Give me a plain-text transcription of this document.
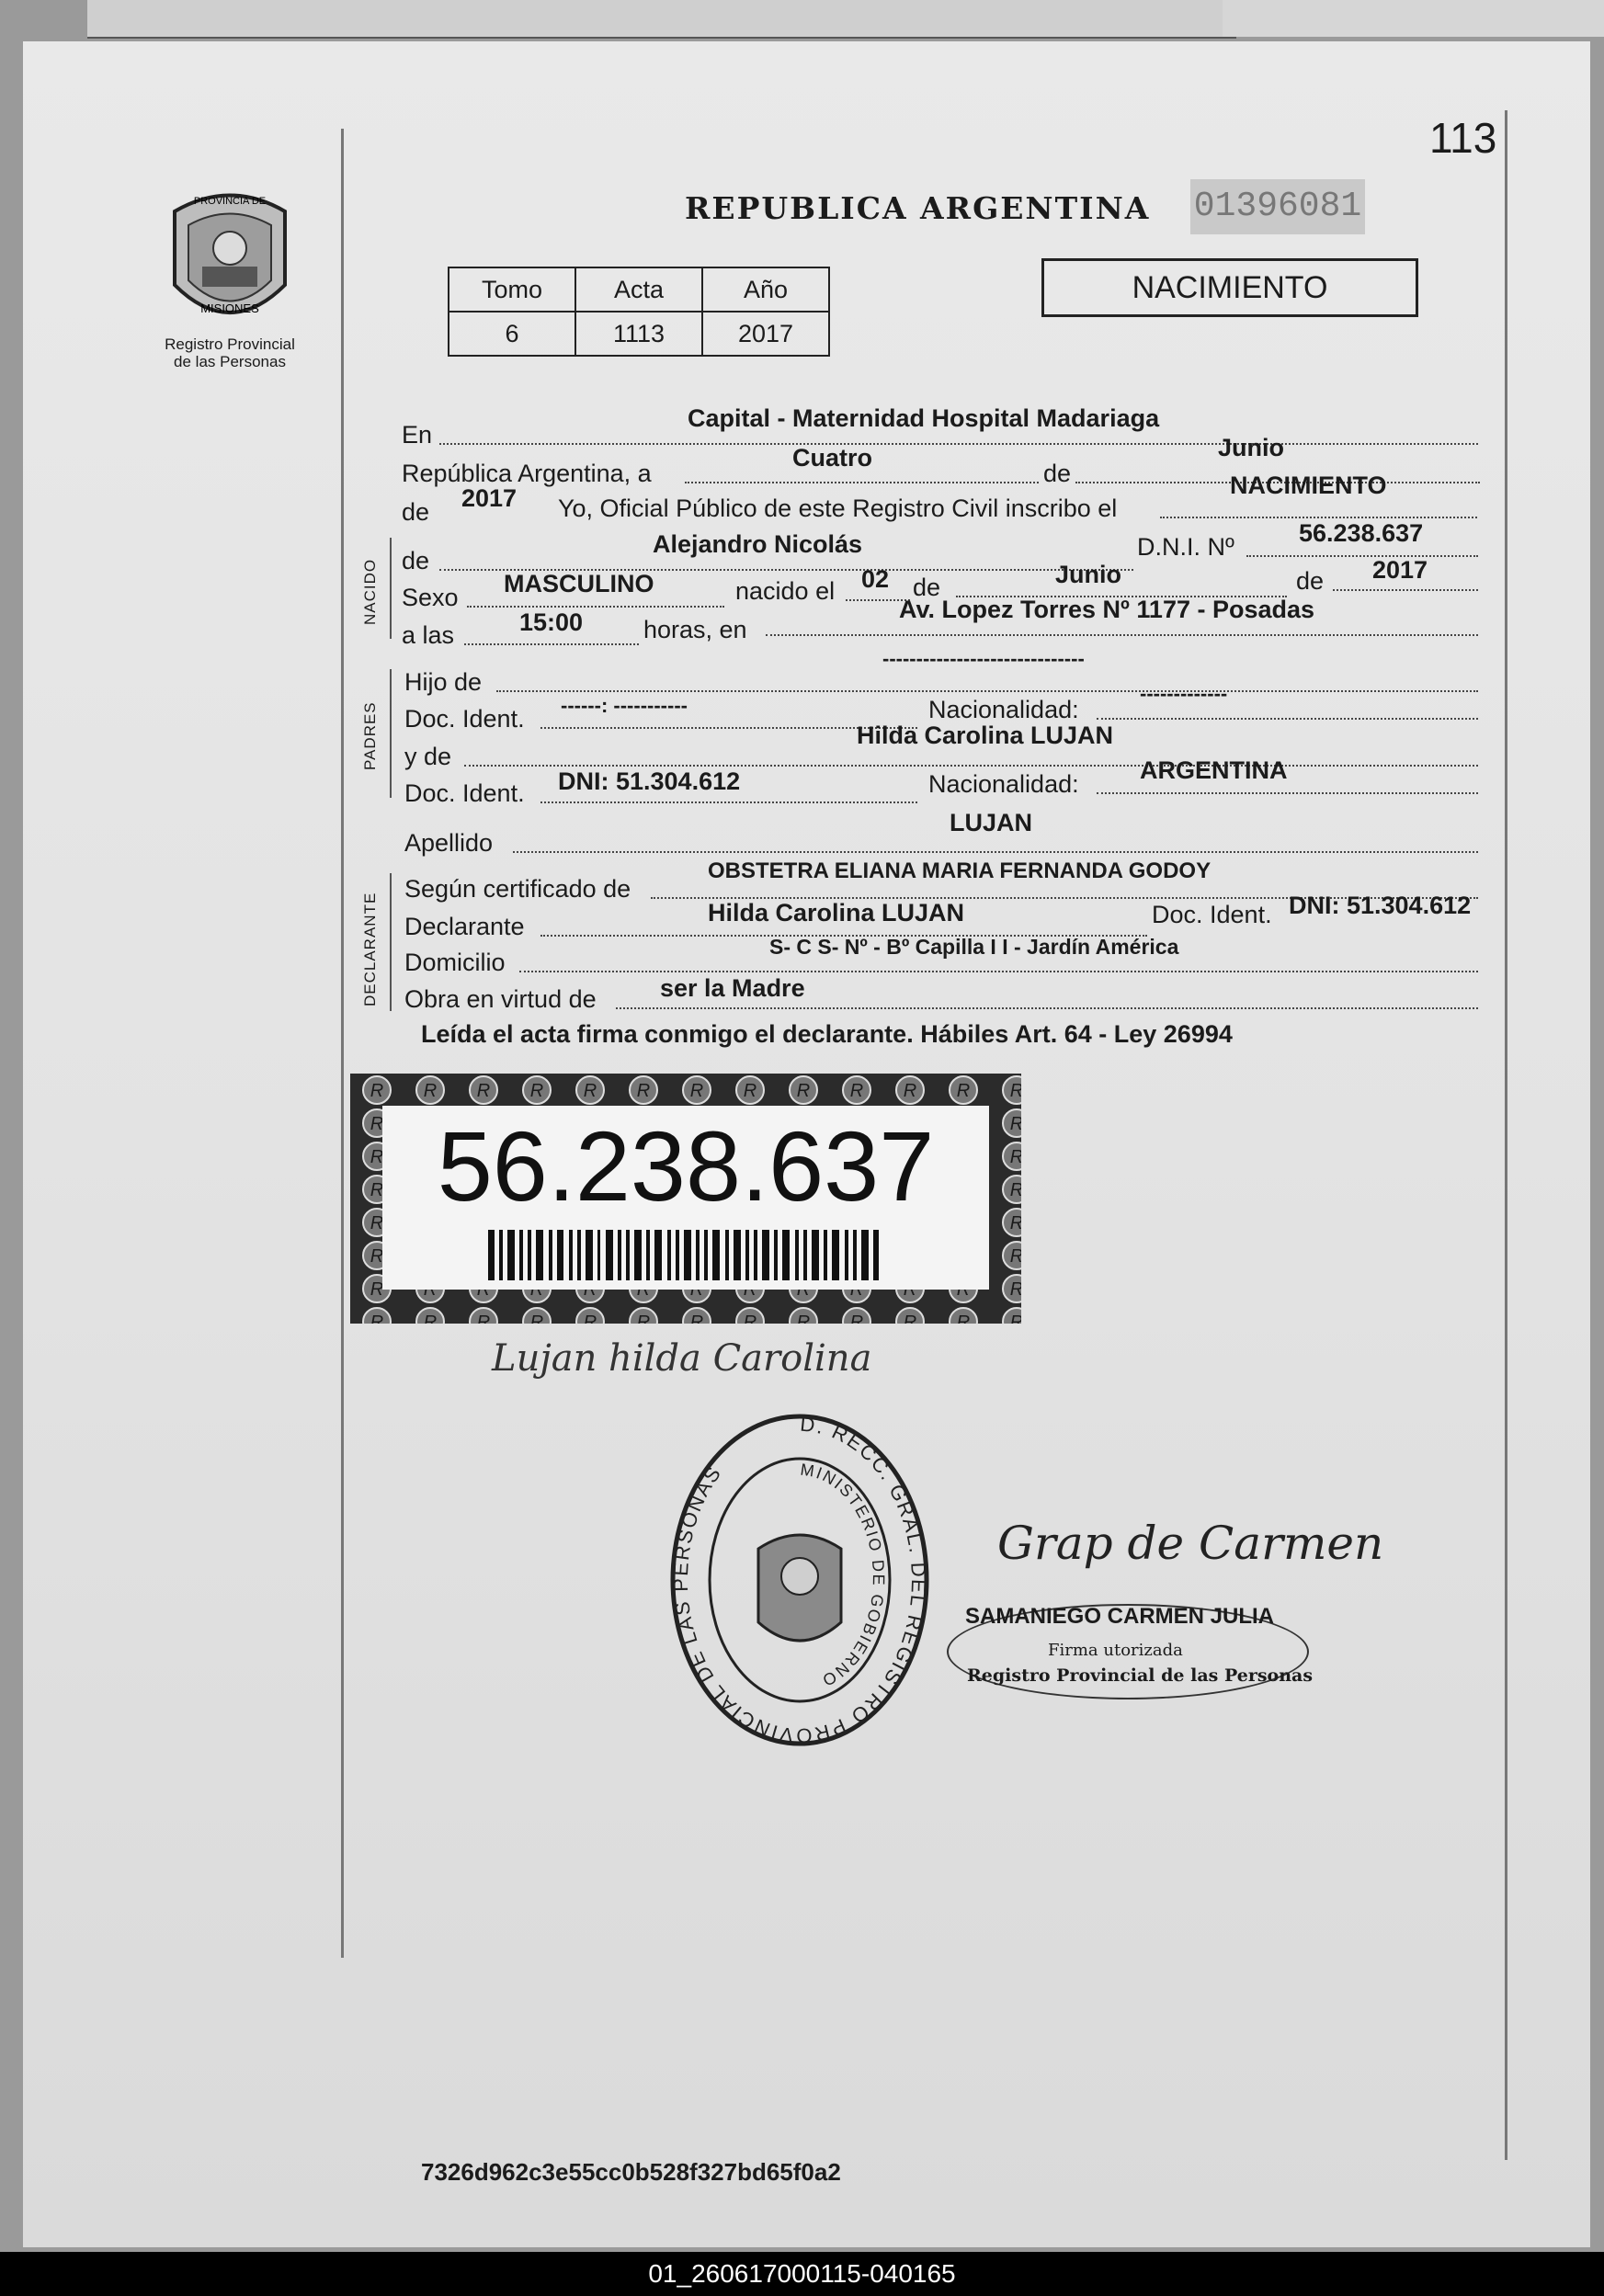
113
PROVINCIA DE
MISIONES
Registro Provincial
de las Personas
REPUBLICA ARGENTINA 01396081
Tomo	Acta	Año
6	1113	2017
NACIMIENTO
En
Capital - Maternidad Hospital Madariaga
República Argentina, a
Cuatro
de
Junio
de 2017 Yo, Oficial Público de este Registro Civil inscribo el
NACIMIENTO
NACIDO de
Alejandro Nicolás	D.N.I. Nº	56.238.637
Sexo MASCULINO	nacido el 02 de	Junio	de 2017
a las	15:00 horas, en
Av. Lopez Torres Nº 1177 - Posadas
PADRES
Hijo de
------------------------------
Doc. Ident. ------: -----------	Nacionalidad:
-------------
y de
Hilda Carolina LUJAN
Doc. Ident. DNI: 51.304.612	Nacionalidad: ARGENTINA
Apellido
LUJAN
DECLARANTE
Según certificado de
OBSTETRA ELIANA MARIA FERNANDA GODOY
Declarante	Hilda Carolina LUJAN	Doc. Ident. DNI: 51.304.612
Domicilio
S- C S- Nº - Bº Capilla I I - Jardín América
Obra en virtud de	ser la Madre
Leída el acta firma conmigo el declarante. Hábiles Art. 64 - Ley 26994
56.238.637
Lujan hilda Carolina
D. RECC. GRAL. DEL REGISTRO PROVINCIAL DE LAS PERSONAS	MINISTERIO DE GOBIERNO
Grap de Carmen
SAMANIEGO CARMEN JULIA
Firma utorizada
Registro Provincial de las Personas
7326d962c3e55cc0b528f327bd65f0a2
01_260617000115-040165
